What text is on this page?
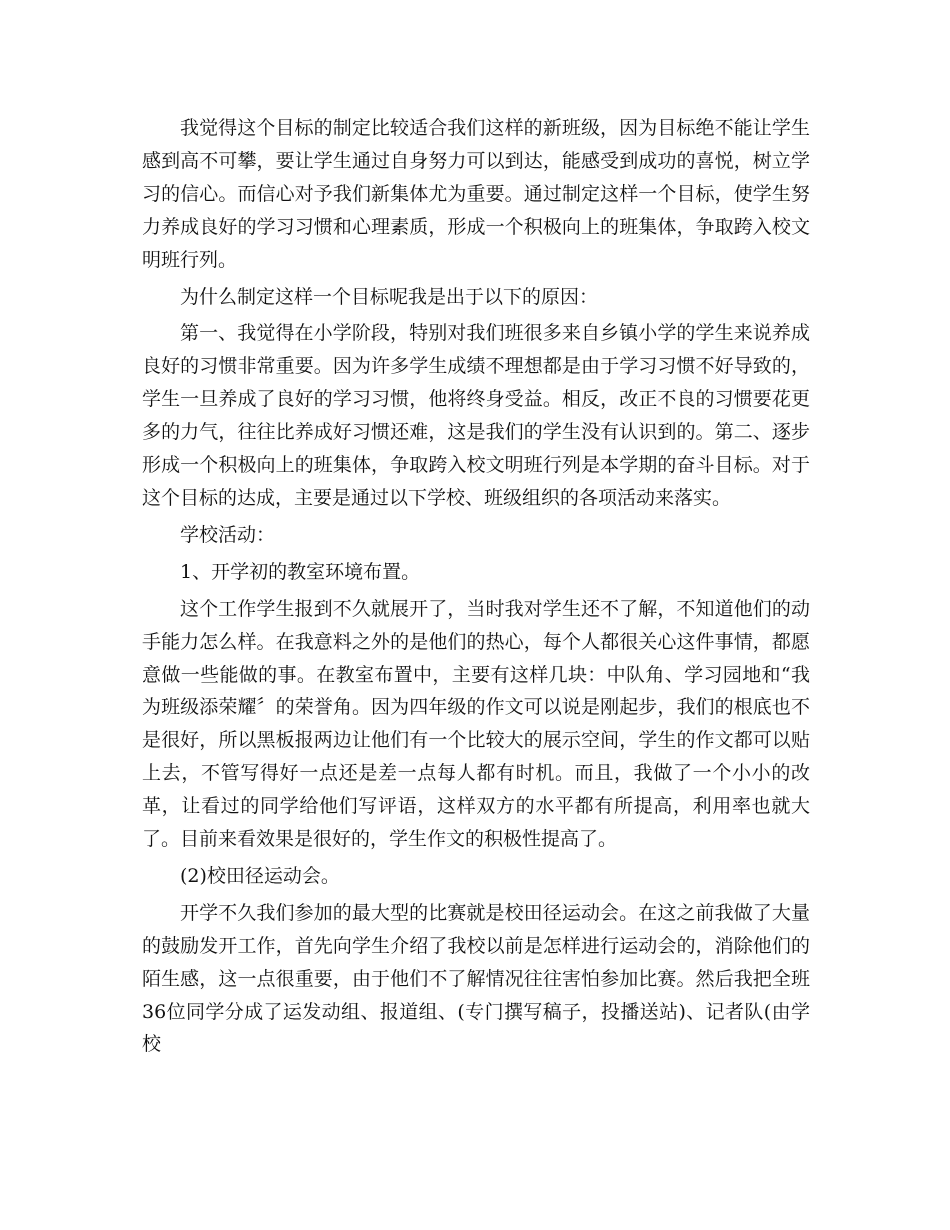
我觉得这个目标的制定比较适合我们这样的新班级，因为目标绝不能让学生感到高不可攀，要让学生通过自身努力可以到达，能感受到成功的喜悦，树立学习的信心。而信心对予我们新集体尤为重要。通过制定这样一个目标，使学生努力养成良好的学习习惯和心理素质，形成一个积极向上的班集体，争取跨入校文明班行列。

为什么制定这样一个目标呢我是出于以下的原因：

第一、我觉得在小学阶段，特别对我们班很多来自乡镇小学的学生来说养成良好的习惯非常重要。因为许多学生成绩不理想都是由于学习习惯不好导致的，学生一旦养成了良好的学习习惯，他将终身受益。相反，改正不良的习惯要花更多的力气，往往比养成好习惯还难，这是我们的学生没有认识到的。第二、逐步形成一个积极向上的班集体，争取跨入校文明班行列是本学期的奋斗目标。对于这个目标的达成，主要是通过以下学校、班级组织的各项活动来落实。

学校活动：

1、开学初的教室环境布置。

这个工作学生报到不久就展开了，当时我对学生还不了解，不知道他们的动手能力怎么样。在我意料之外的是他们的热心，每个人都很关心这件事情，都愿意做一些能做的事。在教室布置中，主要有这样几块：中队角、学习园地和“我为班级添荣耀〞的荣誉角。因为四年级的作文可以说是刚起步，我们的根底也不是很好，所以黑板报两边让他们有一个比较大的展示空间，学生的作文都可以贴上去，不管写得好一点还是差一点每人都有时机。而且，我做了一个小小的改革，让看过的同学给他们写评语，这样双方的水平都有所提高，利用率也就大了。目前来看效果是很好的，学生作文的积极性提高了。

(2)校田径运动会。

开学不久我们参加的最大型的比赛就是校田径运动会。在这之前我做了大量的鼓励发开工作，首先向学生介绍了我校以前是怎样进行运动会的，消除他们的陌生感，这一点很重要，由于他们不了解情况往往害怕参加比赛。然后我把全班36位同学分成了运发动组、报道组、(专门撰写稿子，投播送站)、记者队(由学校
